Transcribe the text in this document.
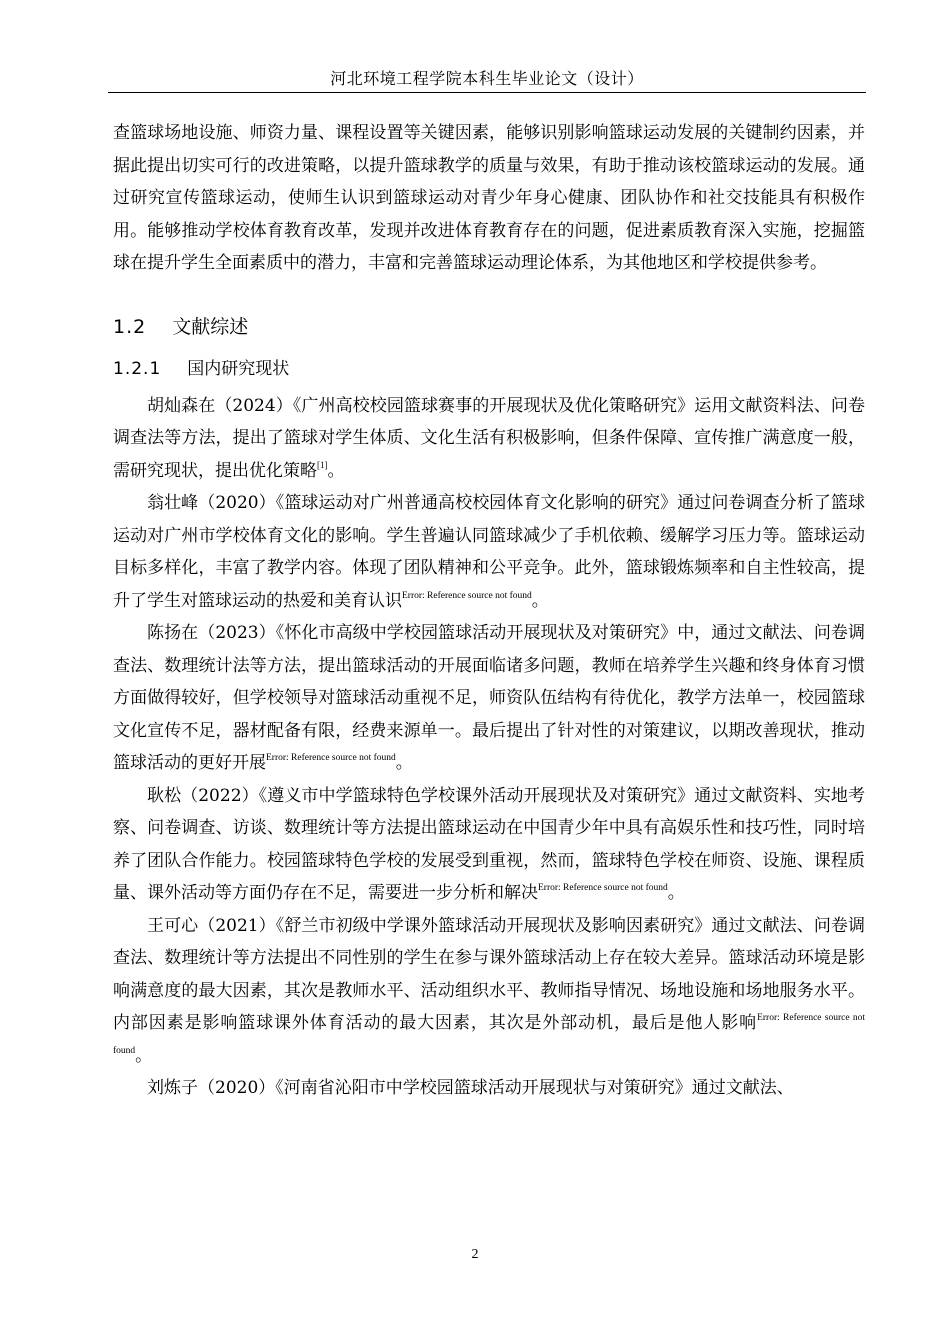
河北环境工程学院本科生毕业论文（设计）

查篮球场地设施、师资力量、课程设置等关键因素，能够识别影响篮球运动发展的关键制约因素，并据此提出切实可行的改进策略，以提升篮球教学的质量与效果，有助于推动该校篮球运动的发展。通过研究宣传篮球运动，使师生认识到篮球运动对青少年身心健康、团队协作和社交技能具有积极作用。能够推动学校体育教育改革，发现并改进体育教育存在的问题，促进素质教育深入实施，挖掘篮球在提升学生全面素质中的潜力，丰富和完善篮球运动理论体系，为其他地区和学校提供参考。

1.2 文献综述
1.2.1 国内研究现状

胡灿森在（2024）《广州高校校园篮球赛事的开展现状及优化策略研究》运用文献资料法、问卷调查法等方法，提出了篮球对学生体质、文化生活有积极影响，但条件保障、宣传推广满意度一般，需研究现状，提出优化策略[1]。

翁壮峰（2020）《篮球运动对广州普通高校校园体育文化影响的研究》通过问卷调查分析了篮球运动对广州市学校体育文化的影响。学生普遍认同篮球减少了手机依赖、缓解学习压力等。篮球运动目标多样化，丰富了教学内容。体现了团队精神和公平竞争。此外，篮球锻炼频率和自主性较高，提升了学生对篮球运动的热爱和美育认识$^{Error: Reference source not found}$。

陈扬在（2023）《怀化市高级中学校园篮球活动开展现状及对策研究》中，通过文献法、问卷调查法、数理统计法等方法，提出篮球活动的开展面临诸多问题，教师在培养学生兴趣和终身体育习惯方面做得较好，但学校领导对篮球活动重视不足，师资队伍结构有待优化，教学方法单一，校园篮球文化宣传不足，器材配备有限，经费来源单一。最后提出了针对性的对策建议，以期改善现状，推动篮球活动的更好开展$^{Error: Reference source not found}$。

耿松（2022）《遵义市中学篮球特色学校课外活动开展现状及对策研究》通过文献资料、实地考察、问卷调查、访谈、数理统计等方法提出篮球运动在中国青少年中具有高娱乐性和技巧性，同时培养了团队合作能力。校园篮球特色学校的发展受到重视，然而，篮球特色学校在师资、设施、课程质量、课外活动等方面仍存在不足，需要进一步分析和解决$^{Error: Reference source not found}$。

王可心（2021）《舒兰市初级中学课外篮球活动开展现状及影响因素研究》通过文献法、问卷调查法、数理统计等方法提出不同性别的学生在参与课外篮球活动上存在较大差异。篮球活动环境是影响满意度的最大因素，其次是教师水平、活动组织水平、教师指导情况、场地设施和场地服务水平。内部因素是影响篮球课外体育活动的最大因素，其次是外部动机，最后是他人影响$^{Error: Reference source not found}$。

刘炼子（2020）《河南省沁阳市中学校园篮球活动开展现状与对策研究》通过文献法、

2
